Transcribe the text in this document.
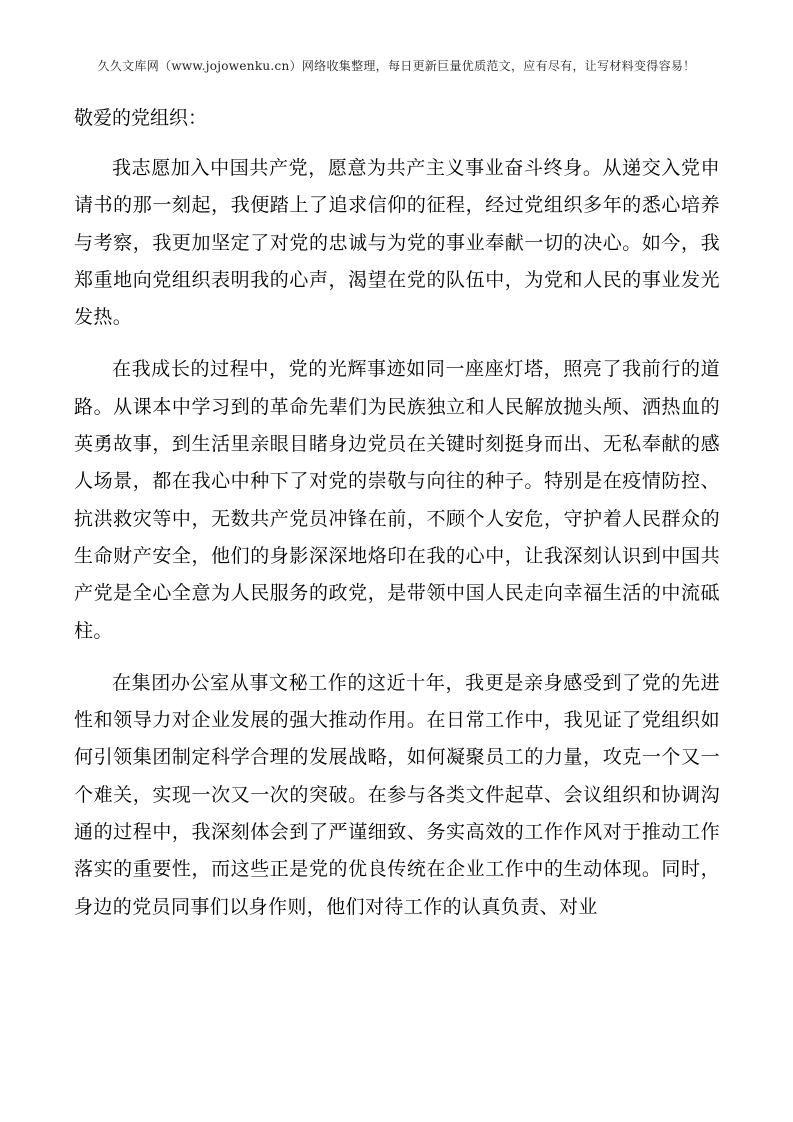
久久文库网（www.jojowenku.cn）网络收集整理，每日更新巨量优质范文，应有尽有，让写材料变得容易！
敬爱的党组织：

我志愿加入中国共产党，愿意为共产主义事业奋斗终身。从递交入党申请书的那一刻起，我便踏上了追求信仰的征程，经过党组织多年的悉心培养与考察，我更加坚定了对党的忠诚与为党的事业奉献一切的决心。如今，我郑重地向党组织表明我的心声，渴望在党的队伍中，为党和人民的事业发光发热。

在我成长的过程中，党的光辉事迹如同一座座灯塔，照亮了我前行的道路。从课本中学习到的革命先辈们为民族独立和人民解放抛头颅、洒热血的英勇故事，到生活里亲眼目睹身边党员在关键时刻挺身而出、无私奉献的感人场景，都在我心中种下了对党的崇敬与向往的种子。特别是在疫情防控、抗洪救灾等中，无数共产党员冲锋在前，不顾个人安危，守护着人民群众的生命财产安全，他们的身影深深地烙印在我的心中，让我深刻认识到中国共产党是全心全意为人民服务的政党，是带领中国人民走向幸福生活的中流砥柱。

在集团办公室从事文秘工作的这近十年，我更是亲身感受到了党的先进性和领导力对企业发展的强大推动作用。在日常工作中，我见证了党组织如何引领集团制定科学合理的发展战略，如何凝聚员工的力量，攻克一个又一个难关，实现一次又一次的突破。在参与各类文件起草、会议组织和协调沟通的过程中，我深刻体会到了严谨细致、务实高效的工作作风对于推动工作落实的重要性，而这些正是党的优良传统在企业工作中的生动体现。同时，身边的党员同事们以身作则，他们对待工作的认真负责、对业
